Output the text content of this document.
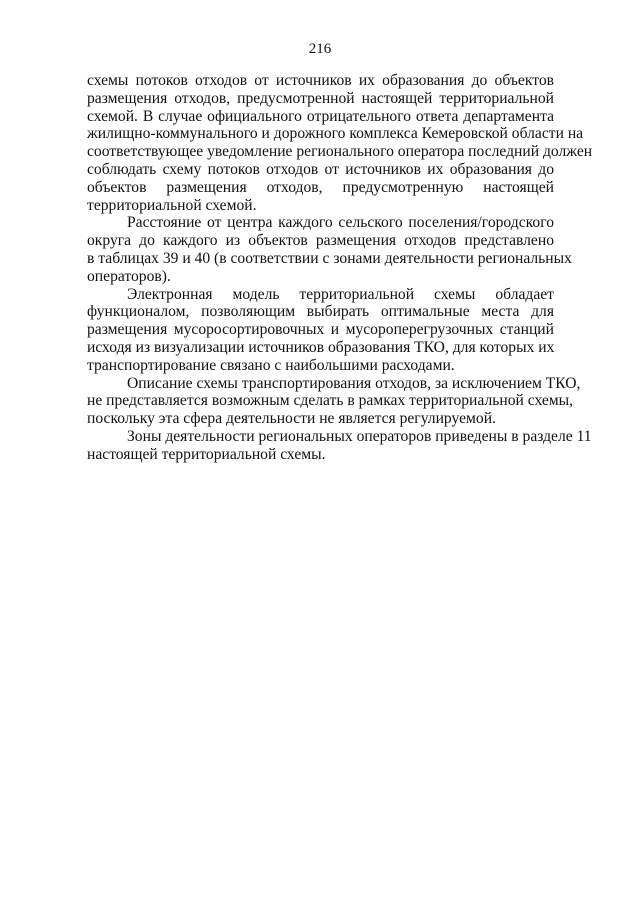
216
схемы потоков отходов от источников их образования до объектов
размещения отходов, предусмотренной настоящей территориальной
схемой. В случае официального отрицательного ответа департамента
жилищно-коммунального и дорожного комплекса Кемеровской области на
соответствующее уведомление регионального оператора последний должен
соблюдать схему потоков отходов от источников их образования до
объектов размещения отходов, предусмотренную настоящей
территориальной схемой.
Расстояние от центра каждого сельского поселения/городского
округа до каждого из объектов размещения отходов представлено
в таблицах 39 и 40 (в соответствии с зонами деятельности региональных
операторов).
Электронная модель территориальной схемы обладает
функционалом, позволяющим выбирать оптимальные места для
размещения мусоросортировочных и мусороперегрузочных станций
исходя из визуализации источников образования ТКО, для которых их
транспортирование связано с наибольшими расходами.
Описание схемы транспортирования отходов, за исключением ТКО,
не представляется возможным сделать в рамках территориальной схемы,
поскольку эта сфера деятельности не является регулируемой.
Зоны деятельности региональных операторов приведены в разделе 11
настоящей территориальной схемы.
